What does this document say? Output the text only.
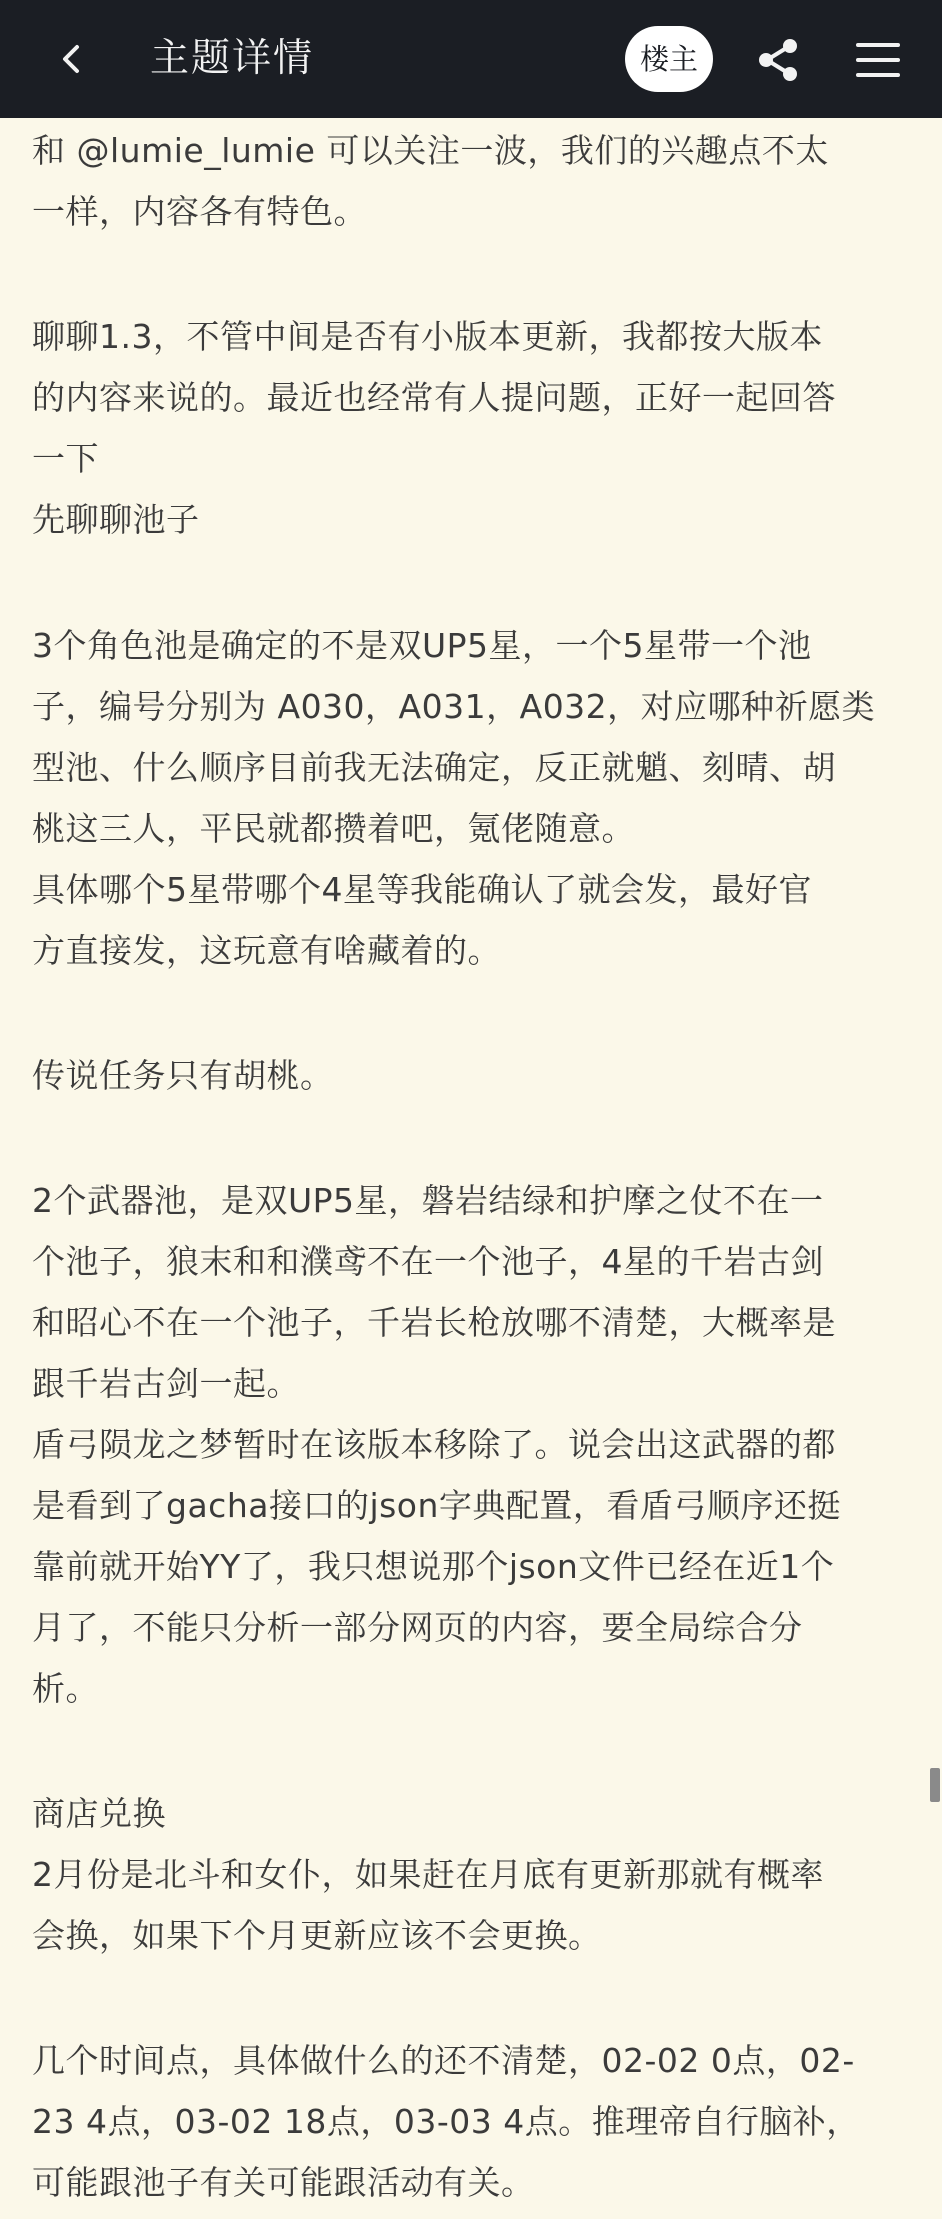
主题详情	楼主
和 @lumie_lumie 可以关注一波，我们的兴趣点不太
一样，内容各有特色。
聊聊1.3，不管中间是否有小版本更新，我都按大版本
的内容来说的。最近也经常有人提问题，正好一起回答
一下
先聊聊池子
3个角色池是确定的不是双UP5星，一个5星带一个池
子，编号分别为 A030，A031，A032，对应哪种祈愿类
型池、什么顺序目前我无法确定，反正就魈、刻晴、胡
桃这三人，平民就都攒着吧，氪佬随意。
具体哪个5星带哪个4星等我能确认了就会发，最好官
方直接发，这玩意有啥藏着的。
传说任务只有胡桃。
2个武器池，是双UP5星，磐岩结绿和护摩之仗不在一
个池子，狼末和和濮鸢不在一个池子，4星的千岩古剑
和昭心不在一个池子，千岩长枪放哪不清楚，大概率是
跟千岩古剑一起。
盾弓陨龙之梦暂时在该版本移除了。说会出这武器的都
是看到了gacha接口的json字典配置，看盾弓顺序还挺
靠前就开始YY了，我只想说那个json文件已经在近1个
月了，不能只分析一部分网页的内容，要全局综合分
析。
商店兑换
2月份是北斗和女仆，如果赶在月底有更新那就有概率
会换，如果下个月更新应该不会更换。
几个时间点，具体做什么的还不清楚，02-02 0点，02-
23 4点，03-02 18点，03-03 4点。推理帝自行脑补，
可能跟池子有关可能跟活动有关。
